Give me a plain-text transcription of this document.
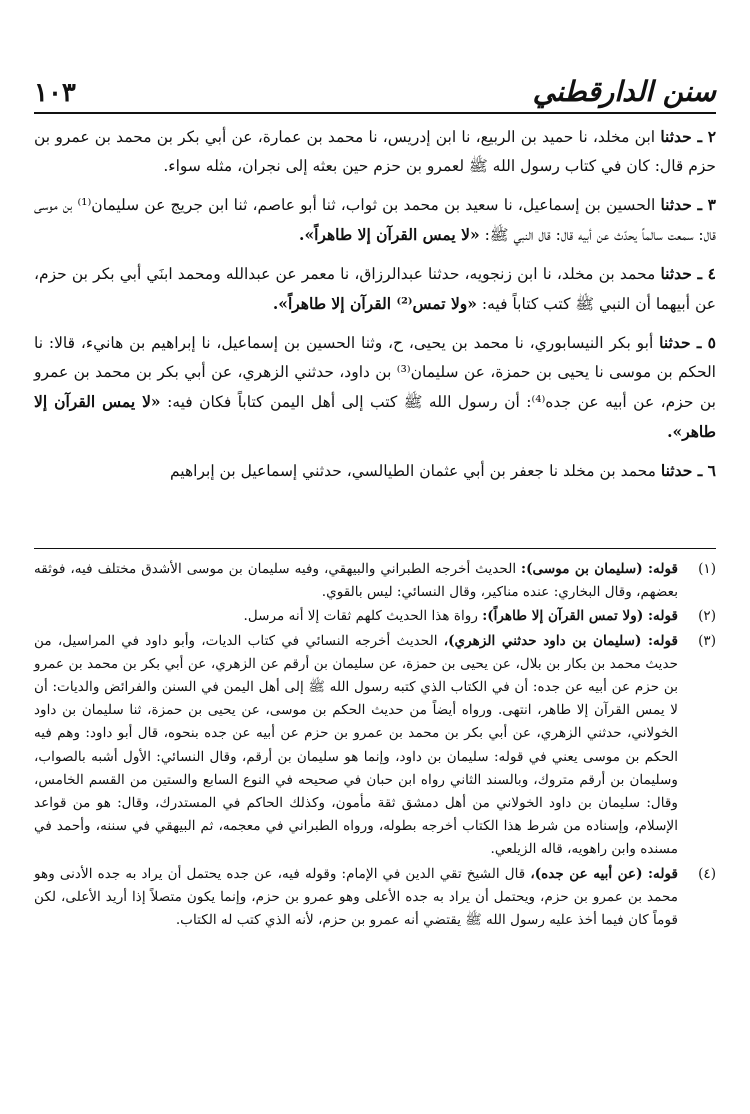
١٠٣	سنن الدارقطني

٢ ـ حدثنا ابن مخلد، نا حميد بن الربيع، نا ابن إدريس، نا محمد بن عمارة، عن أبي بكر بن محمد بن عمرو بن حزم قال: كان في كتاب رسول الله ﷺ لعمرو بن حزم حين بعثه إلى نجران، مثله سواء.

٣ ـ حدثنا الحسين بن إسماعيل، نا سعيد بن محمد بن ثواب، ثنا أبو عاصم، ثنا ابن جريج عن سليمان⁽¹⁾ بن موسى قال: سمعت سالماً يحدّث عن أبيه قال: قال النبي ﷺ: «لا يمس القرآن إلا طاهراً».

٤ ـ حدثنا محمد بن مخلد، نا ابن زنجويه، حدثنا عبدالرزاق، نا معمر عن عبدالله ومحمد ابنَي أبي بكر بن حزم، عن أبيهما أن النبي ﷺ كتب كتاباً فيه: «ولا تمس⁽²⁾ القرآن إلا طاهراً».

٥ ـ حدثنا أبو بكر النيسابوري، نا محمد بن يحيى، ح، وثنا الحسين بن إسماعيل، نا إبراهيم بن هانيء، قالا: نا الحكم بن موسى نا يحيى بن حمزة، عن سليمان⁽³⁾ بن داود، حدثني الزهري، عن أبي بكر بن محمد بن عمرو بن حزم، عن أبيه عن جده⁽⁴⁾: أن رسول الله ﷺ كتب إلى أهل اليمن كتاباً فكان فيه: «لا يمس القرآن إلا طاهر».

٦ ـ حدثنا محمد بن مخلد نا جعفر بن أبي عثمان الطيالسي، حدثني إسماعيل بن إبراهيم

(١)
قوله: (سليمان بن موسى): الحديث أخرجه الطبراني والبيهقي، وفيه سليمان بن موسى الأشدق مختلف فيه، فوثقه بعضهم، وقال البخاري: عنده مناكير، وقال النسائي: ليس بالقوي.
(٢)
قوله: (ولا تمس القرآن إلا طاهراً): رواة هذا الحديث كلهم ثقات إلا أنه مرسل.
(٣)
قوله: (سليمان بن داود حدثني الزهري)، الحديث أخرجه النسائي في كتاب الديات، وأبو داود في المراسيل، من حديث محمد بن بكار بن بلال، عن يحيى بن حمزة، عن سليمان بن أرقم عن الزهري، عن أبي بكر بن محمد بن عمرو بن حزم عن أبيه عن جده: أن في الكتاب الذي كتبه رسول الله ﷺ إلى أهل اليمن في السنن والفرائض والديات: أن لا يمس القرآن إلا طاهر، انتهى. ورواه أيضاً من حديث الحكم بن موسى، عن يحيى بن حمزة، ثنا سليمان بن داود الخولاني، حدثني الزهري، عن أبي بكر بن محمد بن عمرو بن حزم عن أبيه عن جده بنحوه، قال أبو داود: وهم فيه الحكم بن موسى يعني في قوله: سليمان بن داود، وإنما هو سليمان بن أرقم، وقال النسائي: الأول أشبه بالصواب، وسليمان بن أرقم متروك، وبالسند الثاني رواه ابن حبان في صحيحه في النوع السابع والستين من القسم الخامس، وقال: سليمان بن داود الخولاني من أهل دمشق ثقة مأمون، وكذلك الحاكم في المستدرك، وقال: هو من قواعد الإسلام، وإسناده من شرط هذا الكتاب أخرجه بطوله، ورواه الطبراني في معجمه، ثم البيهقي في سننه، وأحمد في مسنده وابن راهويه، قاله الزيلعي.
(٤)
قوله: (عن أبيه عن جده)، قال الشيخ تقي الدين في الإمام: وقوله فيه، عن جده يحتمل أن يراد به جده الأدنى وهو محمد بن عمرو بن حزم، ويحتمل أن يراد به جده الأعلى وهو عمرو بن حزم، وإنما يكون متصلاً إذا أريد الأعلى، لكن قوماً كان فيما أخذ عليه رسول الله ﷺ يقتضي أنه عمرو بن حزم، لأنه الذي كتب له الكتاب.
